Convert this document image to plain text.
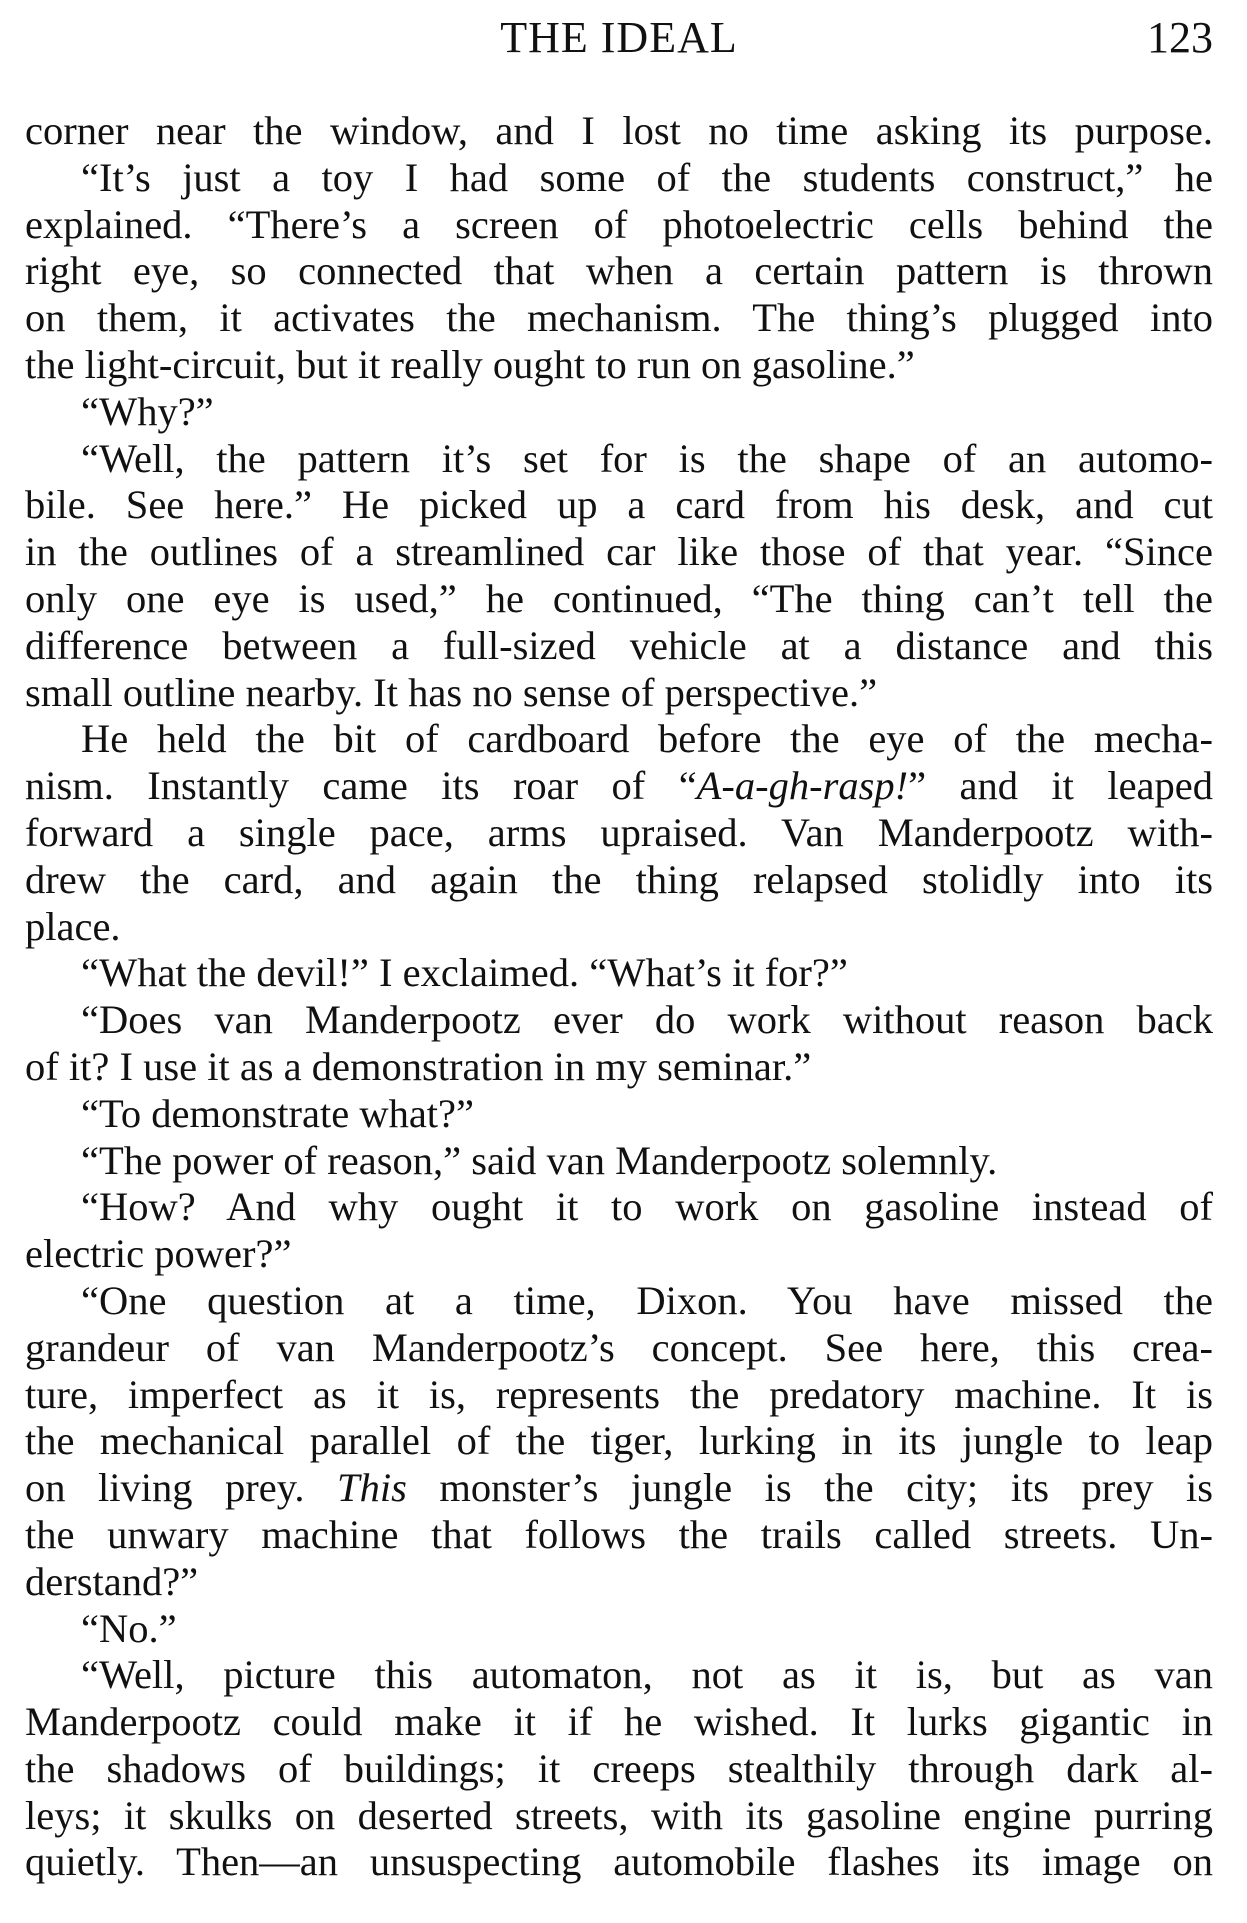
THE IDEAL	123
corner near the window, and I lost no time asking its purpose.
“It’s just a toy I had some of the students construct,” he
explained. “There’s a screen of photoelectric cells behind the
right eye, so connected that when a certain pattern is thrown
on them, it activates the mechanism. The thing’s plugged into
the light-circuit, but it really ought to run on gasoline.”
“Why?”
“Well, the pattern it’s set for is the shape of an automo-
bile. See here.” He picked up a card from his desk, and cut
in the outlines of a streamlined car like those of that year. “Since
only one eye is used,” he continued, “The thing can’t tell the
difference between a full-sized vehicle at a distance and this
small outline nearby. It has no sense of perspective.”
He held the bit of cardboard before the eye of the mecha-
nism. Instantly came its roar of “A-a-gh-rasp!” and it leaped
forward a single pace, arms upraised. Van Manderpootz with-
drew the card, and again the thing relapsed stolidly into its
place.
“What the devil!” I exclaimed. “What’s it for?”
“Does van Manderpootz ever do work without reason back
of it? I use it as a demonstration in my seminar.”
“To demonstrate what?”
“The power of reason,” said van Manderpootz solemnly.
“How? And why ought it to work on gasoline instead of
electric power?”
“One question at a time, Dixon. You have missed the
grandeur of van Manderpootz’s concept. See here, this crea-
ture, imperfect as it is, represents the predatory machine. It is
the mechanical parallel of the tiger, lurking in its jungle to leap
on living prey. This monster’s jungle is the city; its prey is
the unwary machine that follows the trails called streets. Un-
derstand?”
“No.”
“Well, picture this automaton, not as it is, but as van
Manderpootz could make it if he wished. It lurks gigantic in
the shadows of buildings; it creeps stealthily through dark al-
leys; it skulks on deserted streets, with its gasoline engine purring
quietly. Then—an unsuspecting automobile flashes its image on
